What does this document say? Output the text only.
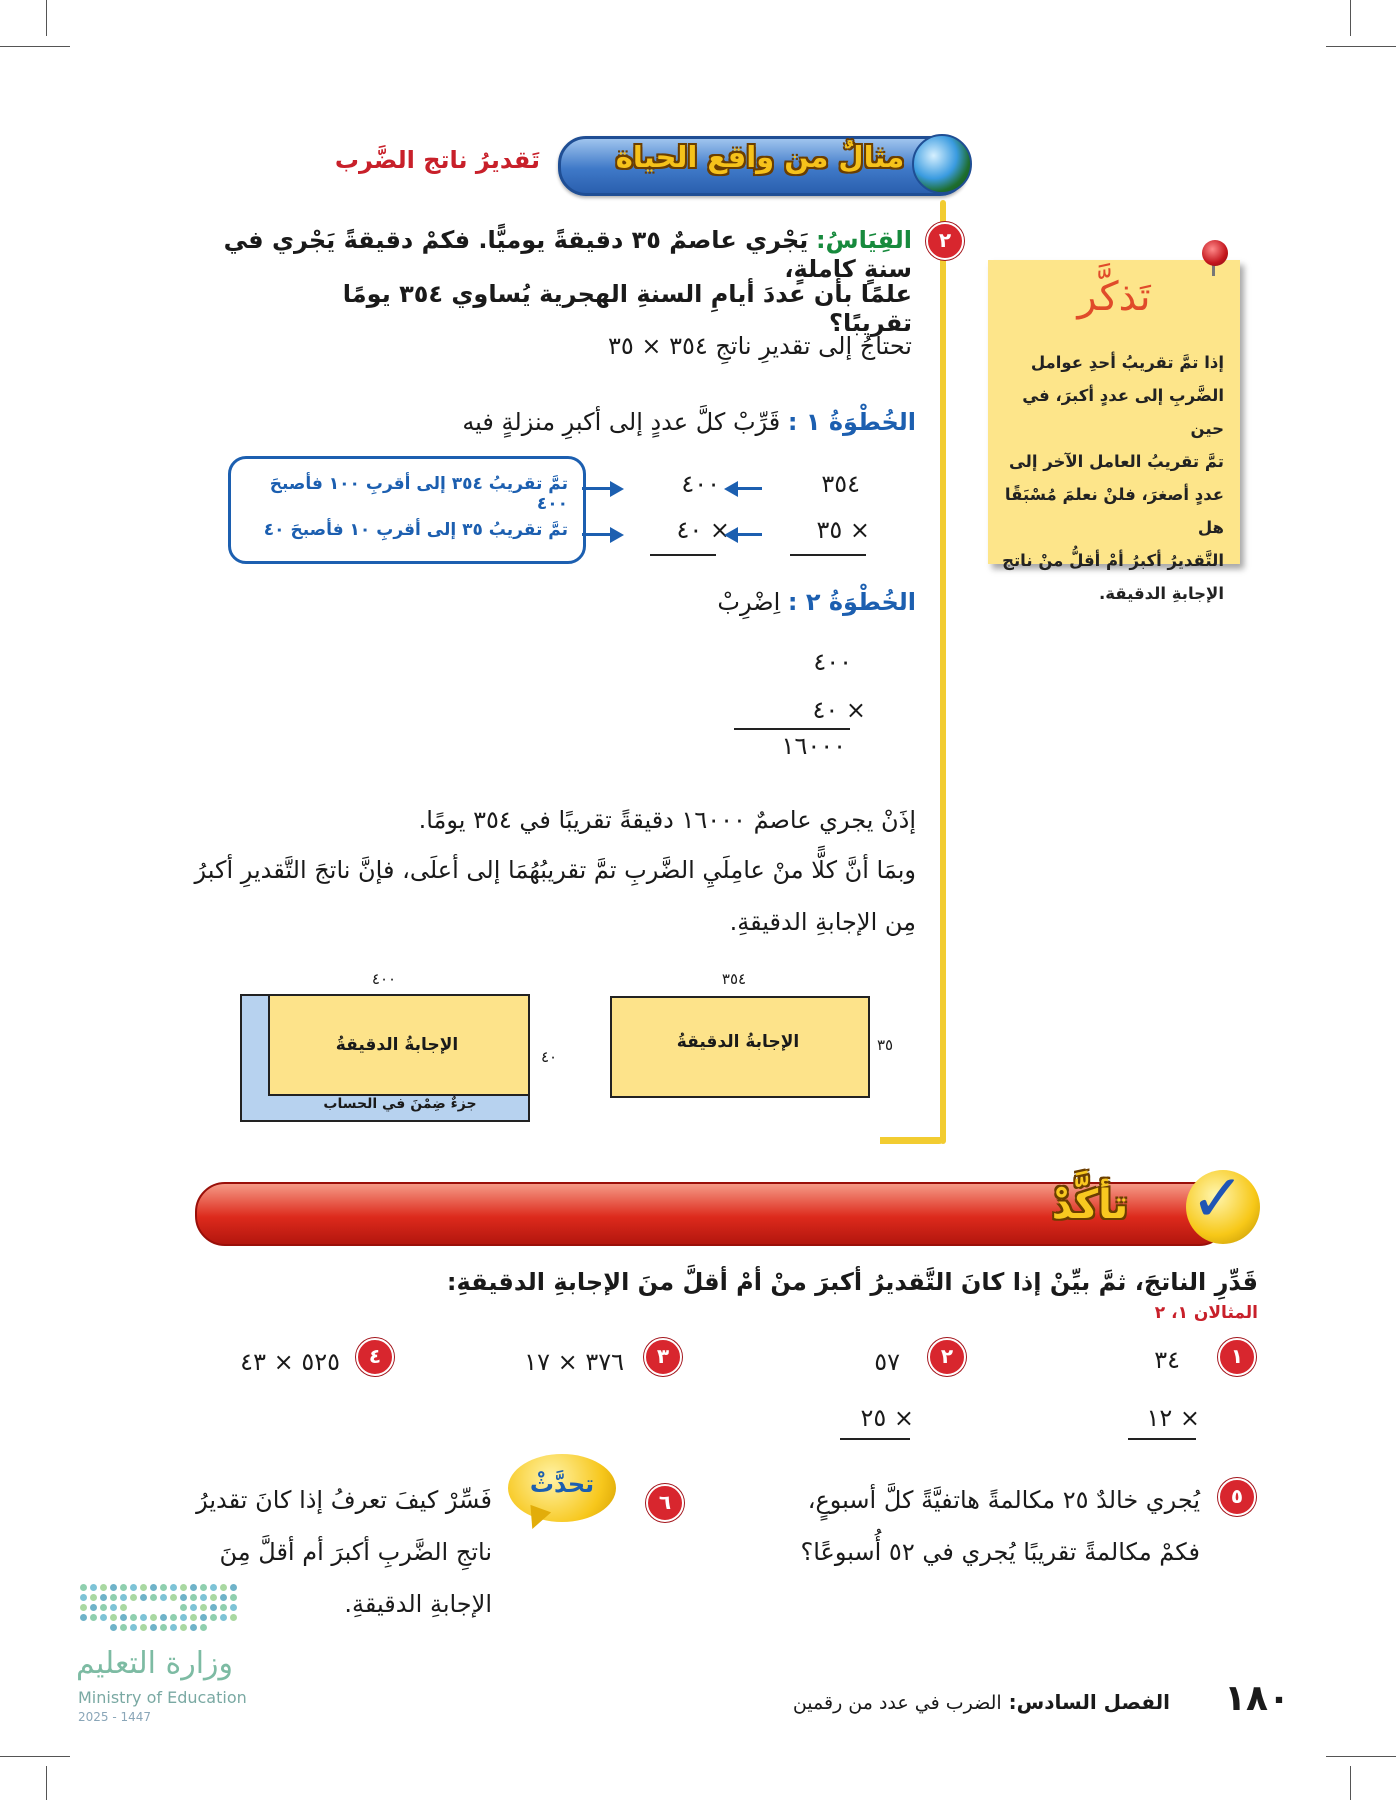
مثالٌ من واقع الحياة
تَقديرُ ناتج الضَّرب
٢
القِيَاسُ: يَجْري عاصمٌ ٣٥ دقيقةً يوميًّا. فكمْ دقيقةً يَجْري في سنةٍ كاملةٍ،
علمًا بأن عددَ أيامِ السنةِ الهجرية يُساوي ٣٥٤ يومًا تقريبًا؟
تحتاجُ إلى تقديرِ ناتجِ ٣٥٤ × ٣٥
الخُطْوَةُ ١ : قَرِّبْ كلَّ عددٍ إلى أكبرِ منزلةٍ فيه
٣٥٤
٤٠٠
× ٣٥
× ٤٠
تمَّ تقريبُ ٣٥٤ إلى أقربِ ١٠٠ فأصبحَ ٤٠٠
تمَّ تقريبُ ٣٥ إلى أقربِ ١٠ فأصبحَ ٤٠
الخُطْوَةُ ٢ : اِضْرِبْ
٤٠٠
× ٤٠
١٦٠٠٠
إذَنْ يجري عاصمٌ ١٦٠٠٠ دقيقةً تقريبًا في ٣٥٤ يومًا.
وبمَا أنَّ كلًّا منْ عامِلَيِ الضَّربِ تمَّ تقريبُهُمَا إلى أعلَى، فإنَّ ناتجَ التَّقديرِ أكبرُ
مِن الإجابةِ الدقيقةِ.
٤٠٠
الإجابةُ الدقيقةُ
جزءٌ ضِمْنَ في الحساب
٤٠
٣٥٤
الإجابةُ الدقيقةُ	٣٥
تَذكَّر
إذا تمَّ تقريبُ أحدِ عوامل
الضَّربِ إلى عددٍ أكبرَ، في حين
تمَّ تقريبُ العامل الآخر إلى
عددٍ أصغرَ، فلنْ نعلمَ مُسْبَقًا هل
التَّقديرُ أكبرُ أمْ أقلُّ منْ ناتج
الإجابةِ الدقيقة.
تأكَّدْ ✓
قَدِّرِ الناتجَ، ثمَّ بيِّنْ إذا كانَ التَّقديرُ أكبرَ منْ أمْ أقلَّ منَ الإجابةِ الدقيقةِ: المثالان ١، ٢
١
٣٤
× ١٢
٢
٥٧
× ٢٥
٣
٣٧٦ × ١٧
٤
٥٢٥ × ٤٣
٥
يُجري خالدٌ ٢٥ مكالمةً هاتفيَّةً كلَّ أسبوعٍ،
فكمْ مكالمةً تقريبًا يُجري في ٥٢ أُسبوعًا؟
٦
تحدَّثْ
فَسِّرْ كيفَ تعرفُ إذا كانَ تقديرُ
ناتجِ الضَّربِ أكبرَ أم أقلَّ مِنَ
الإجابةِ الدقيقةِ.
وزارة التعليم
Ministry of Education
2025 - 1447
الفصل السادس: الضرب في عدد من رقمين	١٨٠
